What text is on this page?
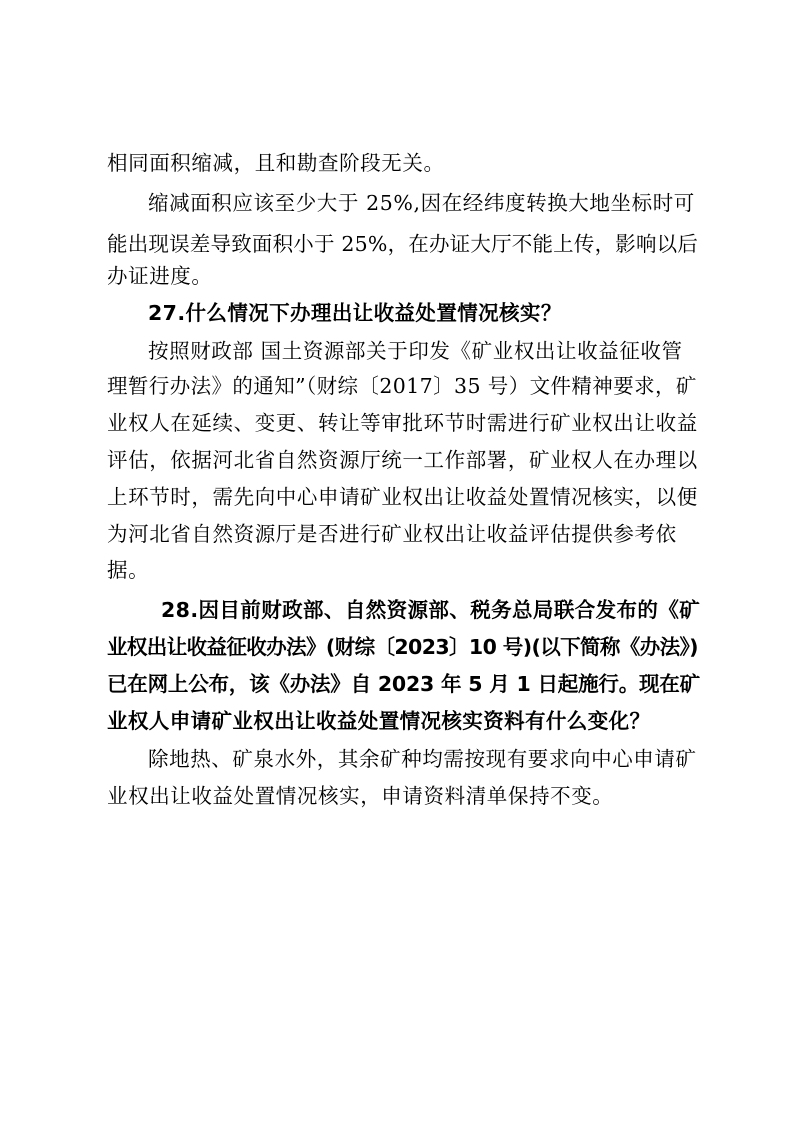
相同面积缩减，且和勘查阶段无关。
缩减面积应该至少大于 25%,因在经纬度转换大地坐标时可
能出现误差导致面积小于 25%，在办证大厅不能上传，影响以后
办证进度。
27.什么情况下办理出让收益处置情况核实？
按照财政部 国土资源部关于印发《矿业权出让收益征收管
理暂行办法》的通知”（财综〔2017〕35 号）文件精神要求，矿
业权人在延续、变更、转让等审批环节时需进行矿业权出让收益
评估，依据河北省自然资源厅统一工作部署，矿业权人在办理以
上环节时，需先向中心申请矿业权出让收益处置情况核实，以便
为河北省自然资源厅是否进行矿业权出让收益评估提供参考依
据。
28.因目前财政部、自然资源部、税务总局联合发布的《矿
业权出让收益征收办法》(财综〔2023〕10 号)(以下简称《办法》)
已在网上公布，该《办法》自 2023 年 5 月 1 日起施行。现在矿
业权人申请矿业权出让收益处置情况核实资料有什么变化？
除地热、矿泉水外，其余矿种均需按现有要求向中心申请矿
业权出让收益处置情况核实，申请资料清单保持不变。
